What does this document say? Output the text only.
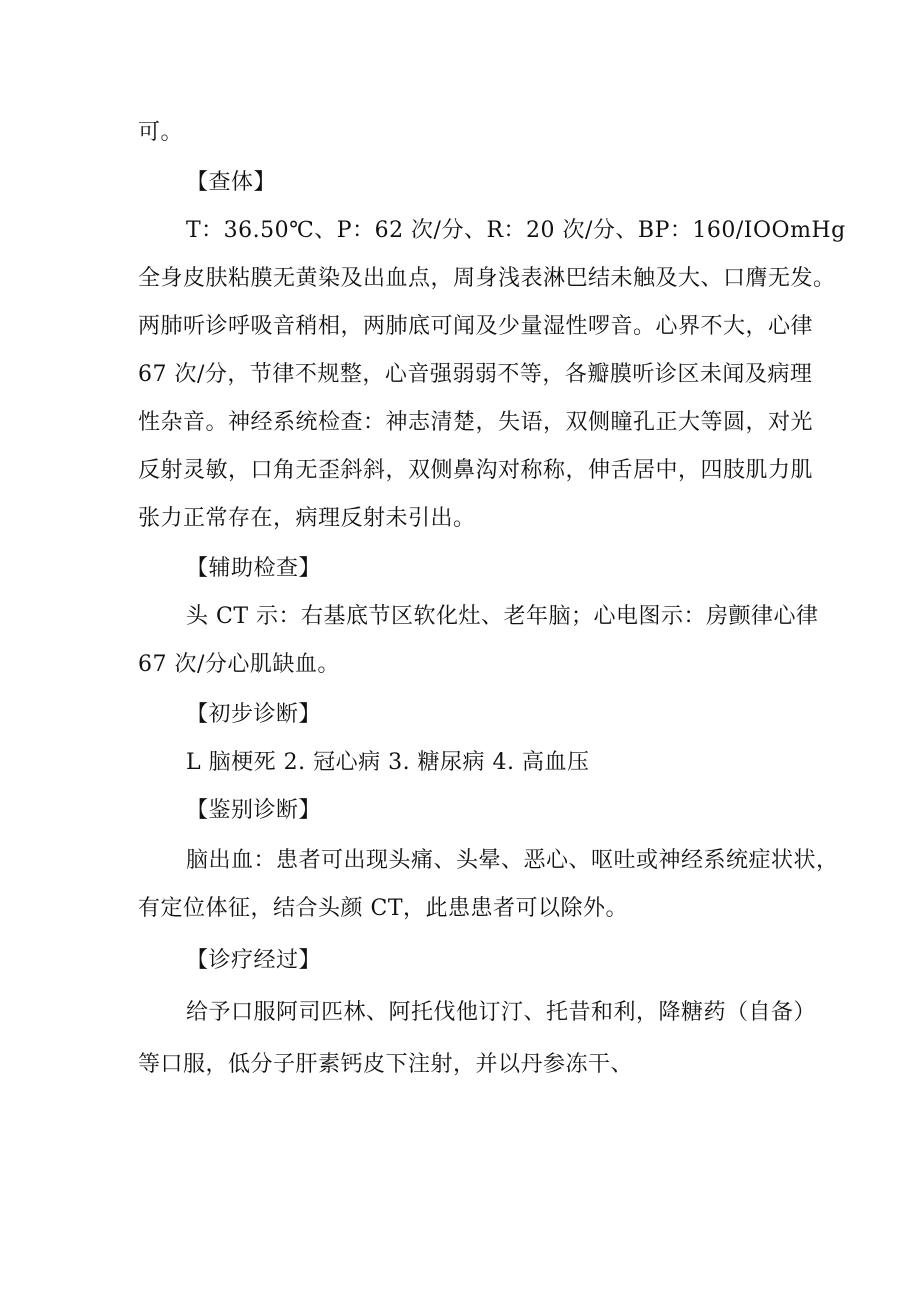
可。
【查体】
T：36.50℃、P：62 次/分、R：20 次/分、BP：160/IOOmHg
全身皮肤粘膜无黄染及出血点，周身浅表淋巴结未触及大、口膺无发。
两肺听诊呼吸音稍相，两肺底可闻及少量湿性啰音。心界不大，心律
67 次/分，节律不规整，心音强弱弱不等，各瓣膜听诊区未闻及病理
性杂音。神经系统检查：神志清楚，失语，双侧瞳孔正大等圆，对光
反射灵敏，口角无歪斜斜，双侧鼻沟对称称，伸舌居中，四肢肌力肌
张力正常存在，病理反射未引出。
【辅助检查】
头 CT 示：右基底节区软化灶、老年脑；心电图示：房颤律心律
67 次/分心肌缺血。
【初步诊断】
L 脑梗死 2. 冠心病 3. 糖尿病 4. 高血压
【鉴别诊断】
脑出血：患者可出现头痛、头晕、恶心、呕吐或神经系统症状状，
有定位体征，结合头颜 CT，此患患者可以除外。
【诊疗经过】
给予口服阿司匹林、阿托伐他订汀、托昔和利，降糖药（自备）
等口服，低分子肝素钙皮下注射，并以丹参冻干、
